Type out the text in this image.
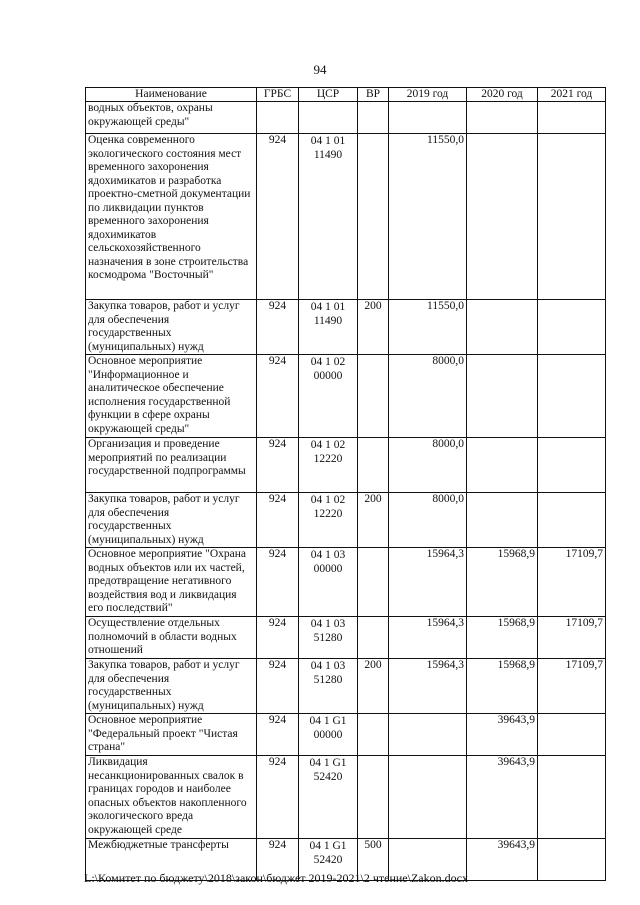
94
Наименование	ГРБС	ЦСР	ВР	2019 год	2020 год	2021 год
водных объектов, охраны окружающей среды"						
Оценка современного экологического состояния мест временного захоронения ядохимикатов и разработка проектно-сметной документации по ликвидации пунктов временного захоронения ядохимикатов сельскохозяйственного назначения в зоне строительства космодрома "Восточный"	924	04 1 01 11490		11550,0		
Закупка товаров, работ и услуг для обеспечения государственных (муниципальных) нужд	924	04 1 01 11490	200	11550,0		
Основное мероприятие "Информационное и аналитическое обеспечение исполнения государственной функции в сфере охраны окружающей среды"	924	04 1 02 00000		8000,0		
Организация и проведение мероприятий по реализации государственной подпрограммы	924	04 1 02 12220		8000,0		
Закупка товаров, работ и услуг для обеспечения государственных (муниципальных) нужд	924	04 1 02 12220	200	8000,0		
Основное мероприятие "Охрана водных объектов или их частей, предотвращение негативного воздействия вод и ликвидация его последствий"	924	04 1 03 00000		15964,3	15968,9	17109,7
Осуществление отдельных полномочий в области водных отношений	924	04 1 03 51280		15964,3	15968,9	17109,7
Закупка товаров, работ и услуг для обеспечения государственных (муниципальных) нужд	924	04 1 03 51280	200	15964,3	15968,9	17109,7
Основное мероприятие "Федеральный проект "Чистая страна"	924	04 1 G1 00000			39643,9	
Ликвидация несанкционированных свалок в границах городов и наиболее опасных объектов накопленного экологического вреда окружающей среде	924	04 1 G1 52420			39643,9	
Межбюджетные трансферты	924	04 1 G1 52420	500		39643,9	
L:\Комитет по бюджету\2018\закон\бюджет 2019-2021\2 чтение\Zakon.docx
